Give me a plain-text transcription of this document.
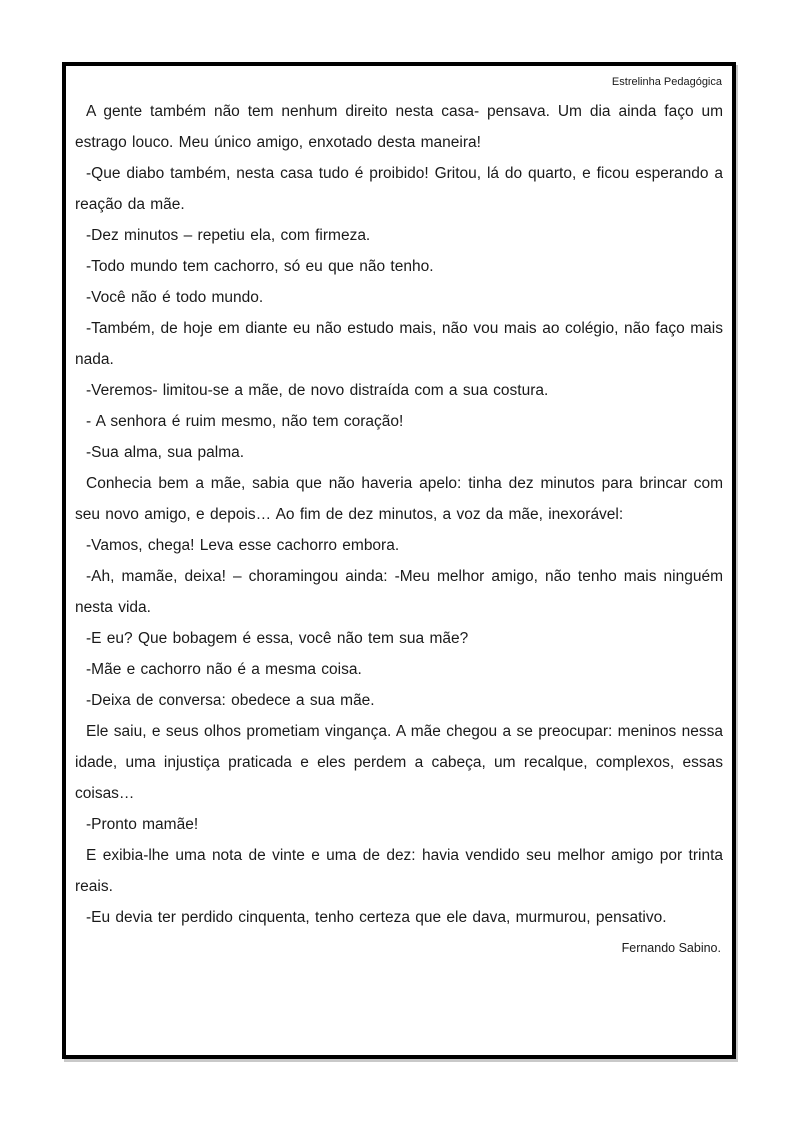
Estrelinha Pedagógica

A gente também não tem nenhum direito nesta casa- pensava. Um dia ainda faço um estrago louco. Meu único amigo, enxotado desta maneira!

-Que diabo também, nesta casa tudo é proibido! Gritou, lá do quarto, e ficou esperando a reação da mãe.

-Dez minutos – repetiu ela, com firmeza.

-Todo mundo tem cachorro, só eu que não tenho.

-Você não é todo mundo.

-Também, de hoje em diante eu não estudo mais, não vou mais ao colégio, não faço mais nada.

-Veremos- limitou-se a mãe, de novo distraída com a sua costura.

- A senhora é ruim mesmo, não tem coração!

-Sua alma, sua palma.

Conhecia bem a mãe, sabia que não haveria apelo: tinha dez minutos para brincar com seu novo amigo, e depois… Ao fim de dez minutos, a voz da mãe, inexorável:

-Vamos, chega! Leva esse cachorro embora.

-Ah, mamãe, deixa! – choramingou ainda: -Meu melhor amigo, não tenho mais ninguém nesta vida.

-E eu? Que bobagem é essa, você não tem sua mãe?

-Mãe e cachorro não é a mesma coisa.

-Deixa de conversa: obedece a sua mãe.

Ele saiu, e seus olhos prometiam vingança. A mãe chegou a se preocupar: meninos nessa idade, uma injustiça praticada e eles perdem a cabeça, um recalque, complexos, essas coisas…

-Pronto mamãe!

E exibia-lhe uma nota de vinte e uma de dez: havia vendido seu melhor amigo por trinta reais.

-Eu devia ter perdido cinquenta, tenho certeza que ele dava, murmurou, pensativo.

Fernando Sabino.
